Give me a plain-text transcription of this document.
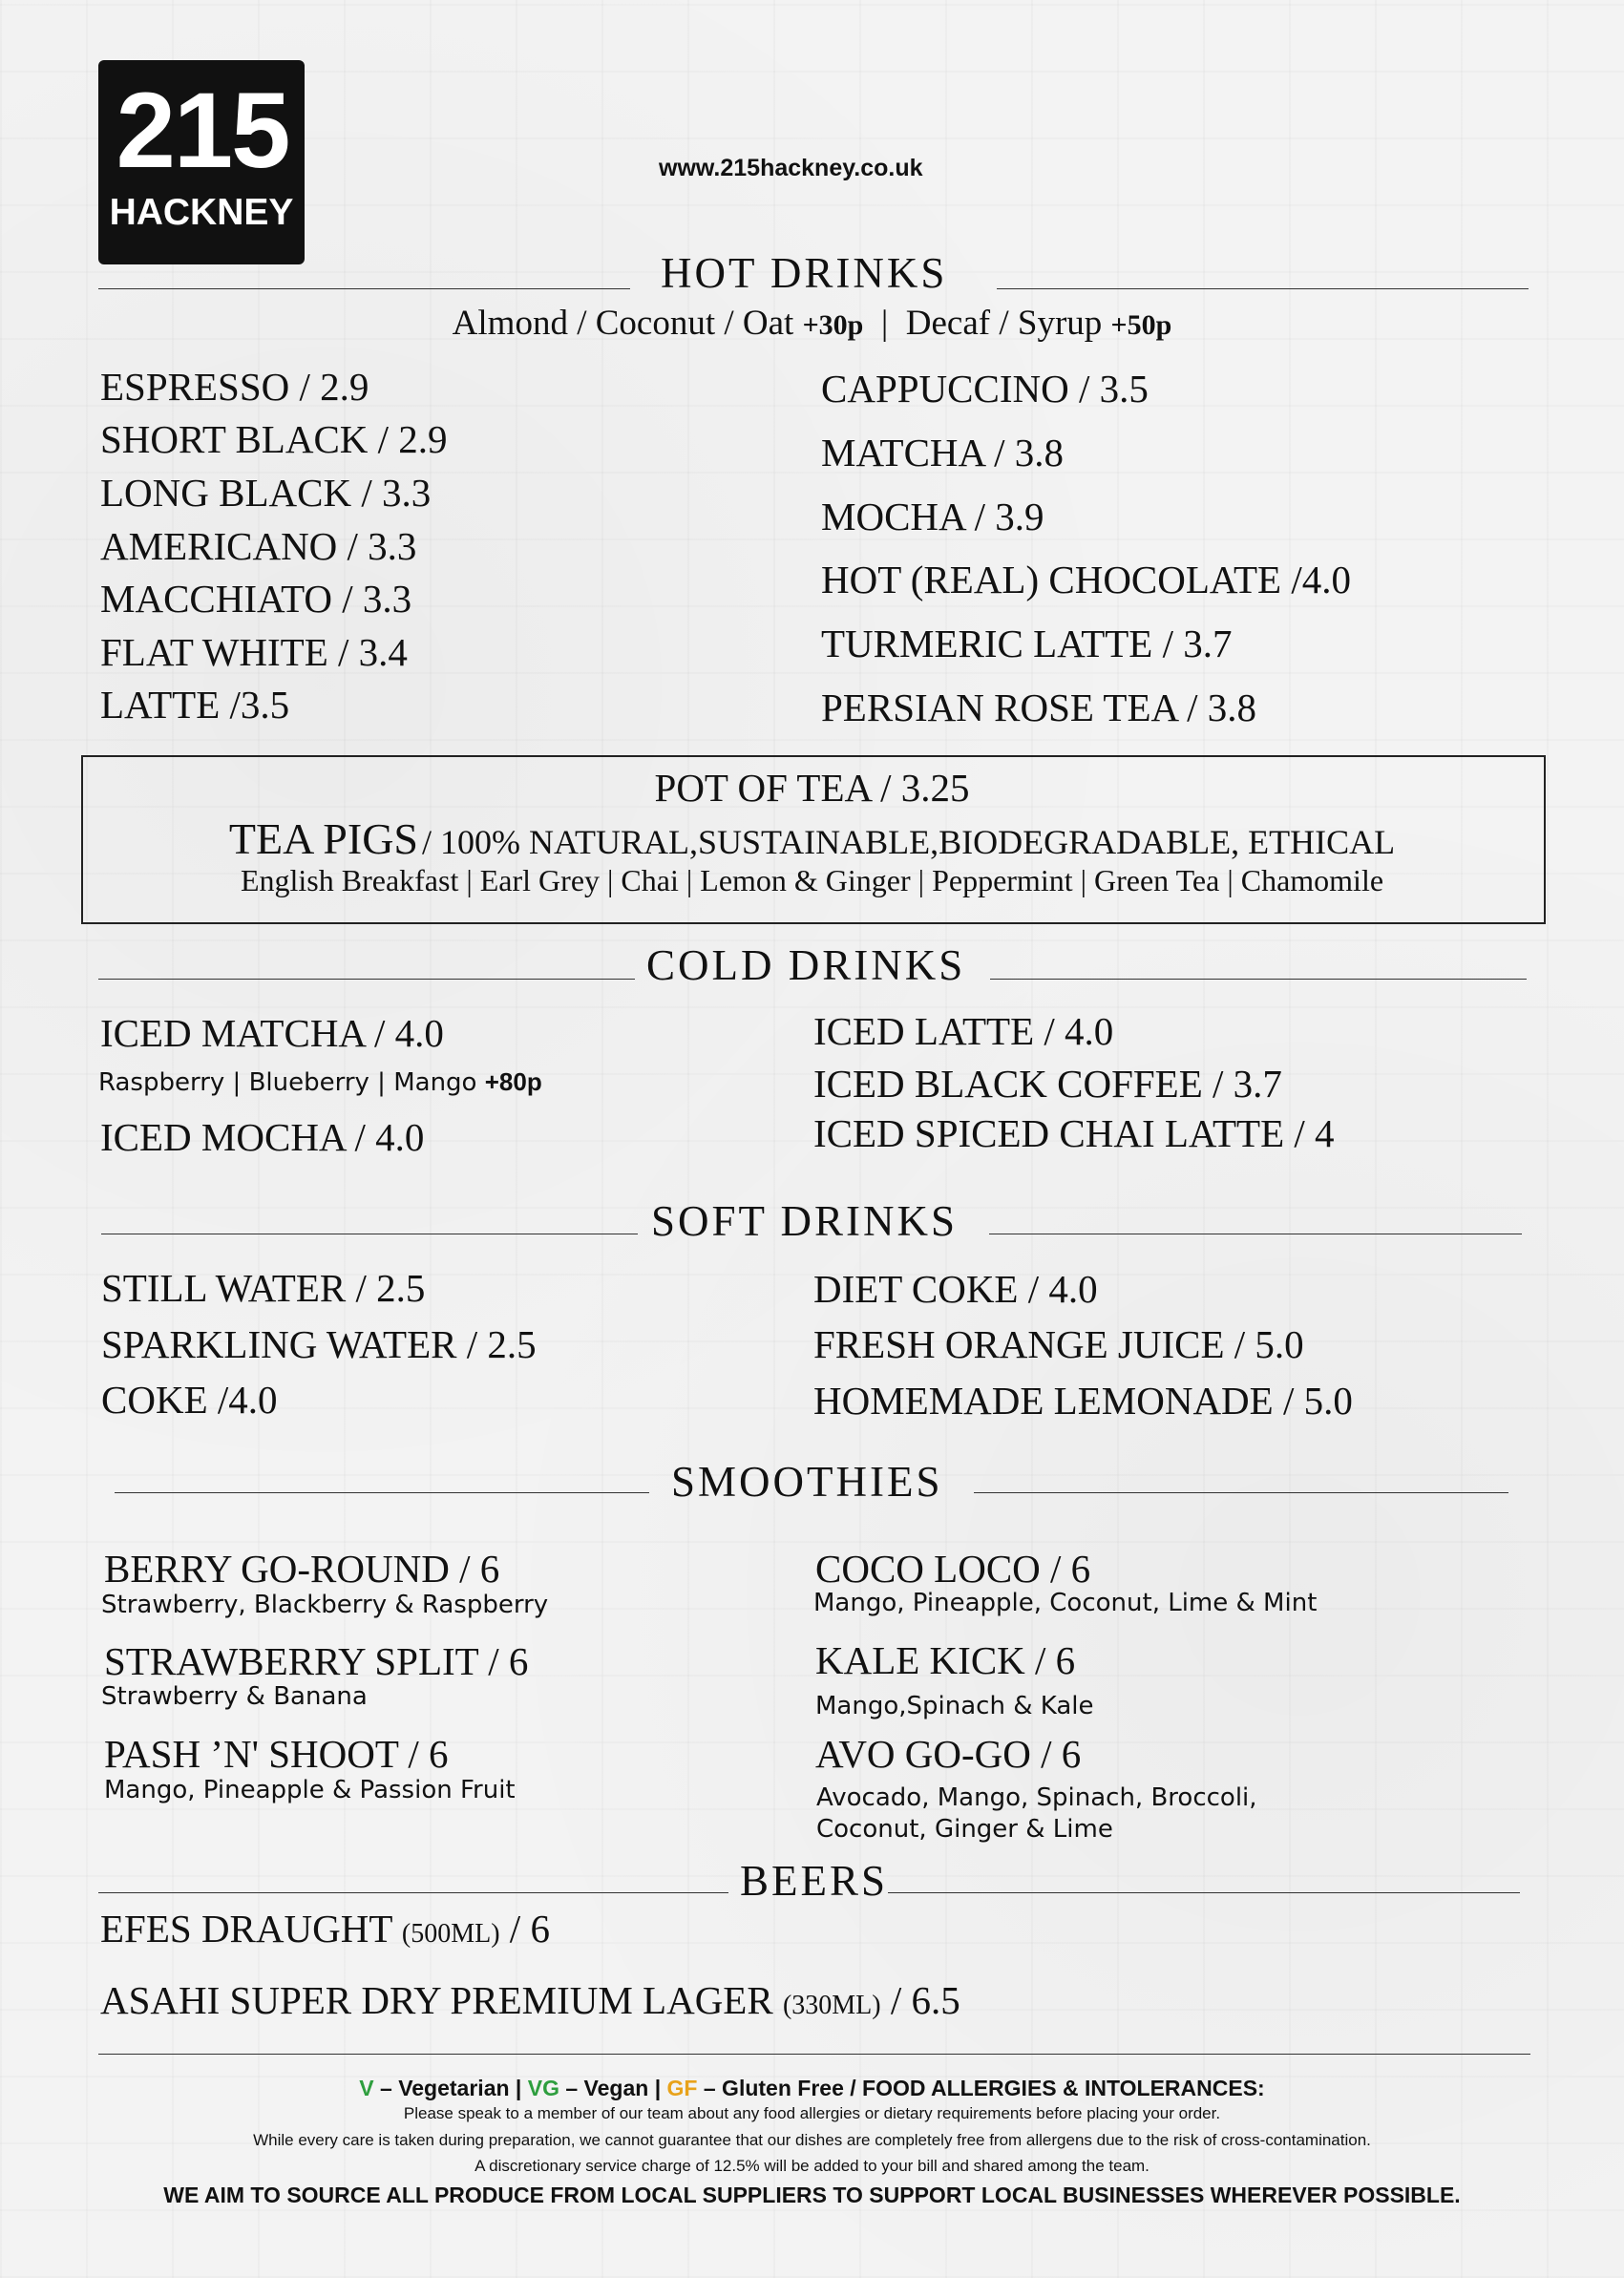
215
HACKNEY
www.215hackney.co.uk
HOT DRINKS
Almond / Coconut / Oat +30p | Decaf / Syrup +50p
ESPRESSO / 2.9
SHORT BLACK / 2.9
LONG BLACK / 3.3
AMERICANO / 3.3
MACCHIATO / 3.3
FLAT WHITE / 3.4
LATTE /3.5
CAPPUCCINO / 3.5
MATCHA / 3.8
MOCHA / 3.9
HOT (REAL) CHOCOLATE /4.0
TURMERIC LATTE / 3.7
PERSIAN ROSE TEA / 3.8
POT OF TEA / 3.25
TEA PIGS / 100% NATURAL,SUSTAINABLE,BIODEGRADABLE, ETHICAL
English Breakfast | Earl Grey | Chai | Lemon & Ginger | Peppermint | Green Tea | Chamomile
COLD DRINKS
ICED MATCHA / 4.0
Raspberry | Blueberry | Mango +80p
ICED MOCHA / 4.0
ICED LATTE / 4.0
ICED BLACK COFFEE / 3.7
ICED SPICED CHAI LATTE / 4
SOFT DRINKS
STILL WATER / 2.5
SPARKLING WATER / 2.5
COKE /4.0
DIET COKE / 4.0
FRESH ORANGE JUICE / 5.0
HOMEMADE LEMONADE / 5.0
SMOOTHIES
BERRY GO-ROUND / 6
Strawberry, Blackberry & Raspberry
STRAWBERRY SPLIT / 6
Strawberry & Banana
PASH ’N' SHOOT / 6
Mango, Pineapple & Passion Fruit
COCO LOCO / 6
Mango, Pineapple, Coconut, Lime & Mint
KALE KICK / 6
Mango,Spinach & Kale
AVO GO-GO / 6
Avocado, Mango, Spinach, Broccoli,
Coconut, Ginger & Lime
BEERS
EFES DRAUGHT (500ML) / 6
ASAHI SUPER DRY PREMIUM LAGER (330ML) / 6.5
V – Vegetarian | VG – Vegan | GF – Gluten Free / FOOD ALLERGIES & INTOLERANCES:
Please speak to a member of our team about any food allergies or dietary requirements before placing your order.
While every care is taken during preparation, we cannot guarantee that our dishes are completely free from allergens due to the risk of cross-contamination.
A discretionary service charge of 12.5% will be added to your bill and shared among the team.
WE AIM TO SOURCE ALL PRODUCE FROM LOCAL SUPPLIERS TO SUPPORT LOCAL BUSINESSES WHEREVER POSSIBLE.
